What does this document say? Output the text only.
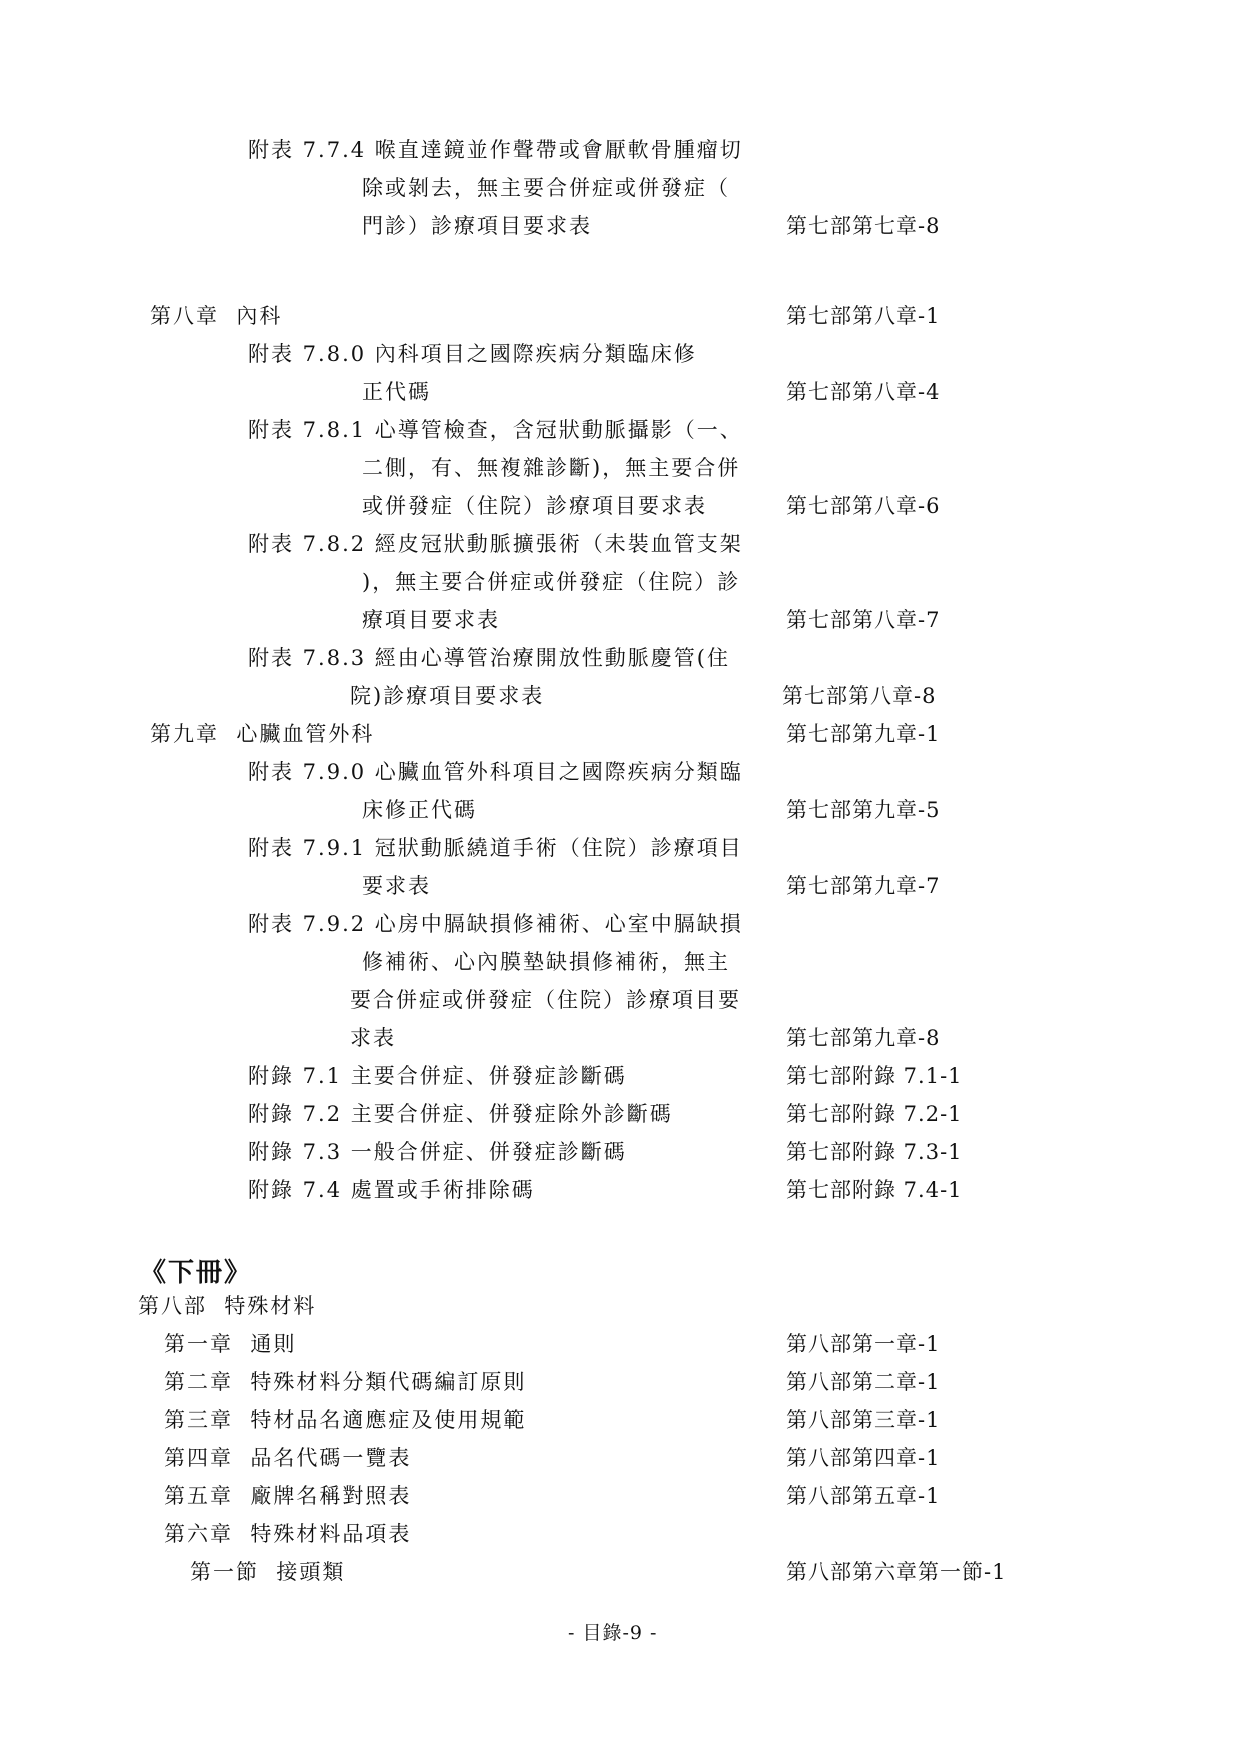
附表 7.7.4 喉直達鏡並作聲帶或會厭軟骨腫瘤切
除或剝去，無主要合併症或併發症（
門診）診療項目要求表	第七部第七章-8
第八章  內科	第七部第八章-1
附表 7.8.0 內科項目之國際疾病分類臨床修
正代碼	第七部第八章-4
附表 7.8.1 心導管檢查，含冠狀動脈攝影（一、
二側，有、無複雜診斷)，無主要合併
或併發症（住院）診療項目要求表	第七部第八章-6
附表 7.8.2 經皮冠狀動脈擴張術（未裝血管支架
)，無主要合併症或併發症（住院）診
療項目要求表	第七部第八章-7
附表 7.8.3 經由心導管治療開放性動脈慶管(住
院)診療項目要求表	第七部第八章-8
第九章  心臟血管外科	第七部第九章-1
附表 7.9.0 心臟血管外科項目之國際疾病分類臨
床修正代碼	第七部第九章-5
附表 7.9.1 冠狀動脈繞道手術（住院）診療項目
要求表	第七部第九章-7
附表 7.9.2 心房中膈缺損修補術、心室中膈缺損
修補術、心內膜墊缺損修補術，無主
要合併症或併發症（住院）診療項目要
求表	第七部第九章-8
附錄 7.1 主要合併症、併發症診斷碼	第七部附錄 7.1-1
附錄 7.2 主要合併症、併發症除外診斷碼	第七部附錄 7.2-1
附錄 7.3 一般合併症、併發症診斷碼	第七部附錄 7.3-1
附錄 7.4 處置或手術排除碼	第七部附錄 7.4-1
《下冊》
第八部  特殊材料
第一章  通則	第八部第一章-1
第二章  特殊材料分類代碼編訂原則	第八部第二章-1
第三章  特材品名適應症及使用規範	第八部第三章-1
第四章  品名代碼一覽表	第八部第四章-1
第五章  廠牌名稱對照表	第八部第五章-1
第六章  特殊材料品項表
第一節  接頭類	第八部第六章第一節-1
- 目錄-9 -
